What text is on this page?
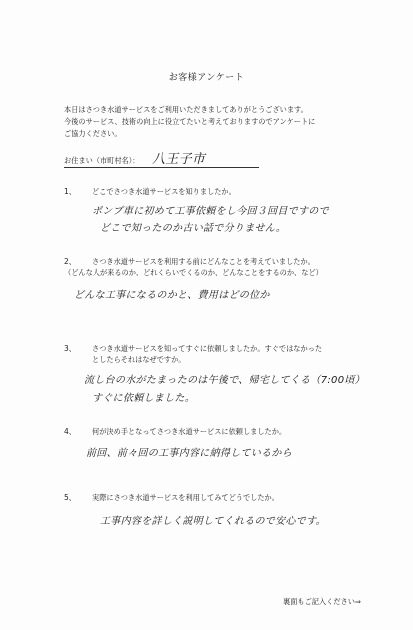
お客様アンケート
本日はさつき水道サービスをご利用いただきましてありがとうございます。
今後のサービス、技術の向上に役立てたいと考えておりますのでアンケートに
ご協力ください。
お住まい（市町村名）： 八王子市
1、 どこでさつき水道サービスを知りましたか。
ポンプ車に初めて工事依頼をし今回３回目ですので
どこで知ったのか古い話で分りません。
2、 さつき水道サービスを利用する前にどんなことを考えていましたか。
（どんな人が来るのか、どれくらいでくるのか、どんなことをするのか、など）
どんな工事になるのかと、費用はどの位か
3、 さつき水道サービスを知ってすぐに依頼しましたか。すぐではなかった
としたらそれはなぜですか。
流し台の水がたまったのは午後で、帰宅してくる（7:00頃）
すぐに依頼しました。
4、 何が決め手となってさつき水道サービスに依頼しましたか。
前回、前々回の工事内容に納得しているから
5、 実際にさつき水道サービスを利用してみてどうでしたか。
工事内容を詳しく説明してくれるので安心です。
裏面もご記入ください⇒
